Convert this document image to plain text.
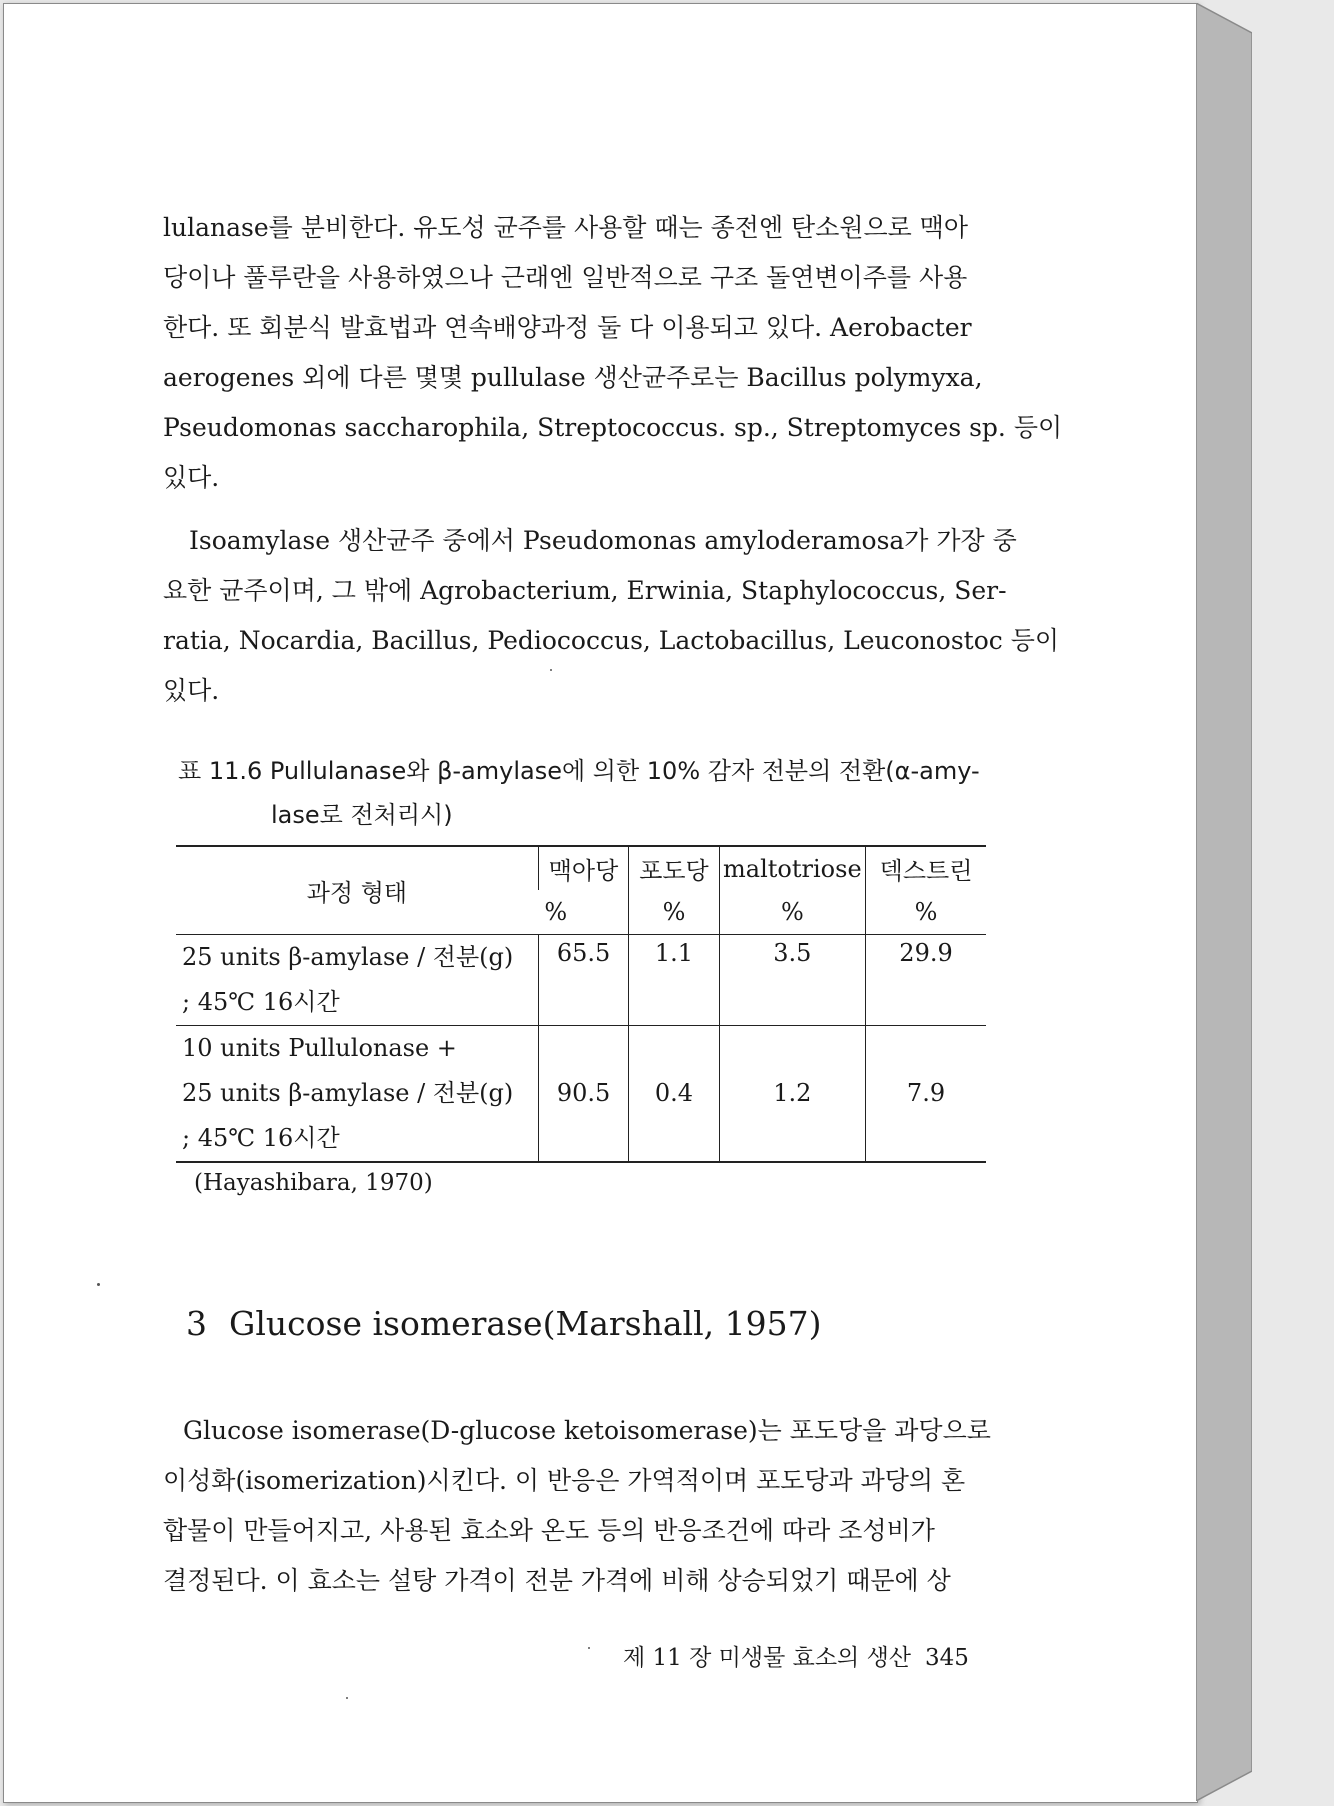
lulanase를 분비한다. 유도성 균주를 사용할 때는 종전엔 탄소원으로 맥아
당이나 풀루란을 사용하였으나 근래엔 일반적으로 구조 돌연변이주를 사용
한다. 또 회분식 발효법과 연속배양과정 둘 다 이용되고 있다. Aerobacter
aerogenes 외에 다른 몇몇 pullulase 생산균주로는 Bacillus polymyxa,
Pseudomonas saccharophila, Streptococcus. sp., Streptomyces sp. 등이
있다.
Isoamylase 생산균주 중에서 Pseudomonas amyloderamosa가 가장 중
요한 균주이며, 그 밖에 Agrobacterium, Erwinia, Staphylococcus, Ser-
ratia, Nocardia, Bacillus, Pediococcus, Lactobacillus, Leuconostoc 등이
있다.
표 11.6 Pullulanase와 β-amylase에 의한 10% 감자 전분의 전환(α-amy-
lase로 전처리시)
과정 형태	맥아당	포도당	maltotriose	덱스트린
	%	%	%	%

25 units β-amylase / 전분(g)
; 45℃ 16시간	65.5	1.1	3.5	29.9

10 units Pullulonase +
25 units β-amylase / 전분(g)
; 45℃ 16시간	90.5	0.4	1.2	7.9
(Hayashibara, 1970)
3 Glucose isomerase(Marshall, 1957)
Glucose isomerase(D-glucose ketoisomerase)는 포도당을 과당으로
이성화(isomerization)시킨다. 이 반응은 가역적이며 포도당과 과당의 혼
합물이 만들어지고, 사용된 효소와 온도 등의 반응조건에 따라 조성비가
결정된다. 이 효소는 설탕 가격이 전분 가격에 비해 상승되었기 때문에 상
제 11 장 미생물 효소의 생산 345
